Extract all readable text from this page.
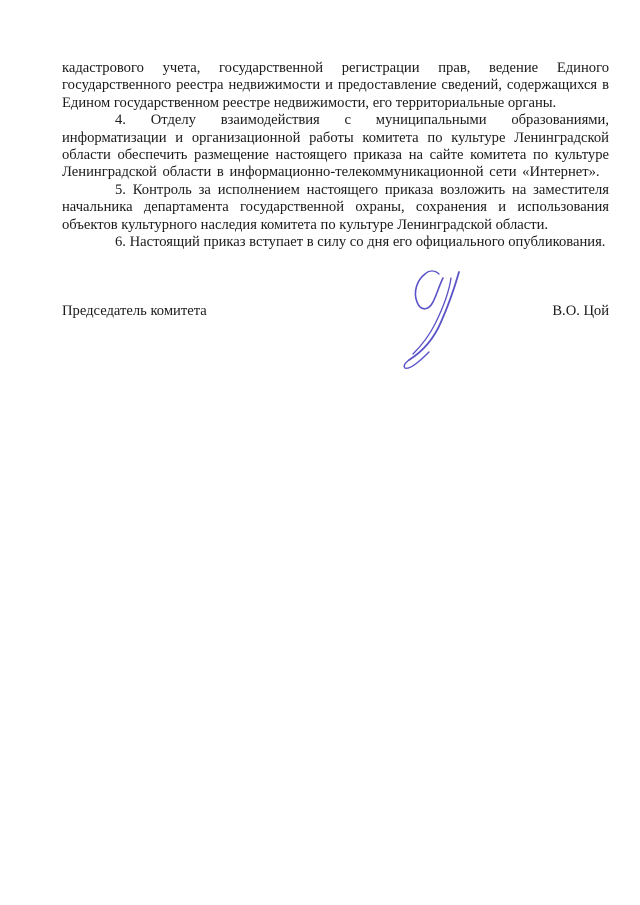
кадастрового учета, государственной регистрации прав, ведение Единого государственного реестра недвижимости и предоставление сведений, содержащихся в Едином государственном реестре недвижимости, его территориальные органы.

4. Отделу взаимодействия с муниципальными образованиями, информатизации и организационной работы комитета по культуре Ленинградской области обеспечить размещение настоящего приказа на сайте комитета по культуре Ленинградской области в информационно-телекоммуникационной сети «Интернет».

5. Контроль за исполнением настоящего приказа возложить на заместителя начальника департамента государственной охраны, сохранения и использования объектов культурного наследия комитета по культуре Ленинградской области.

6. Настоящий приказ вступает в силу со дня его официального опубликования.

Председатель комитета	В.О. Цой
